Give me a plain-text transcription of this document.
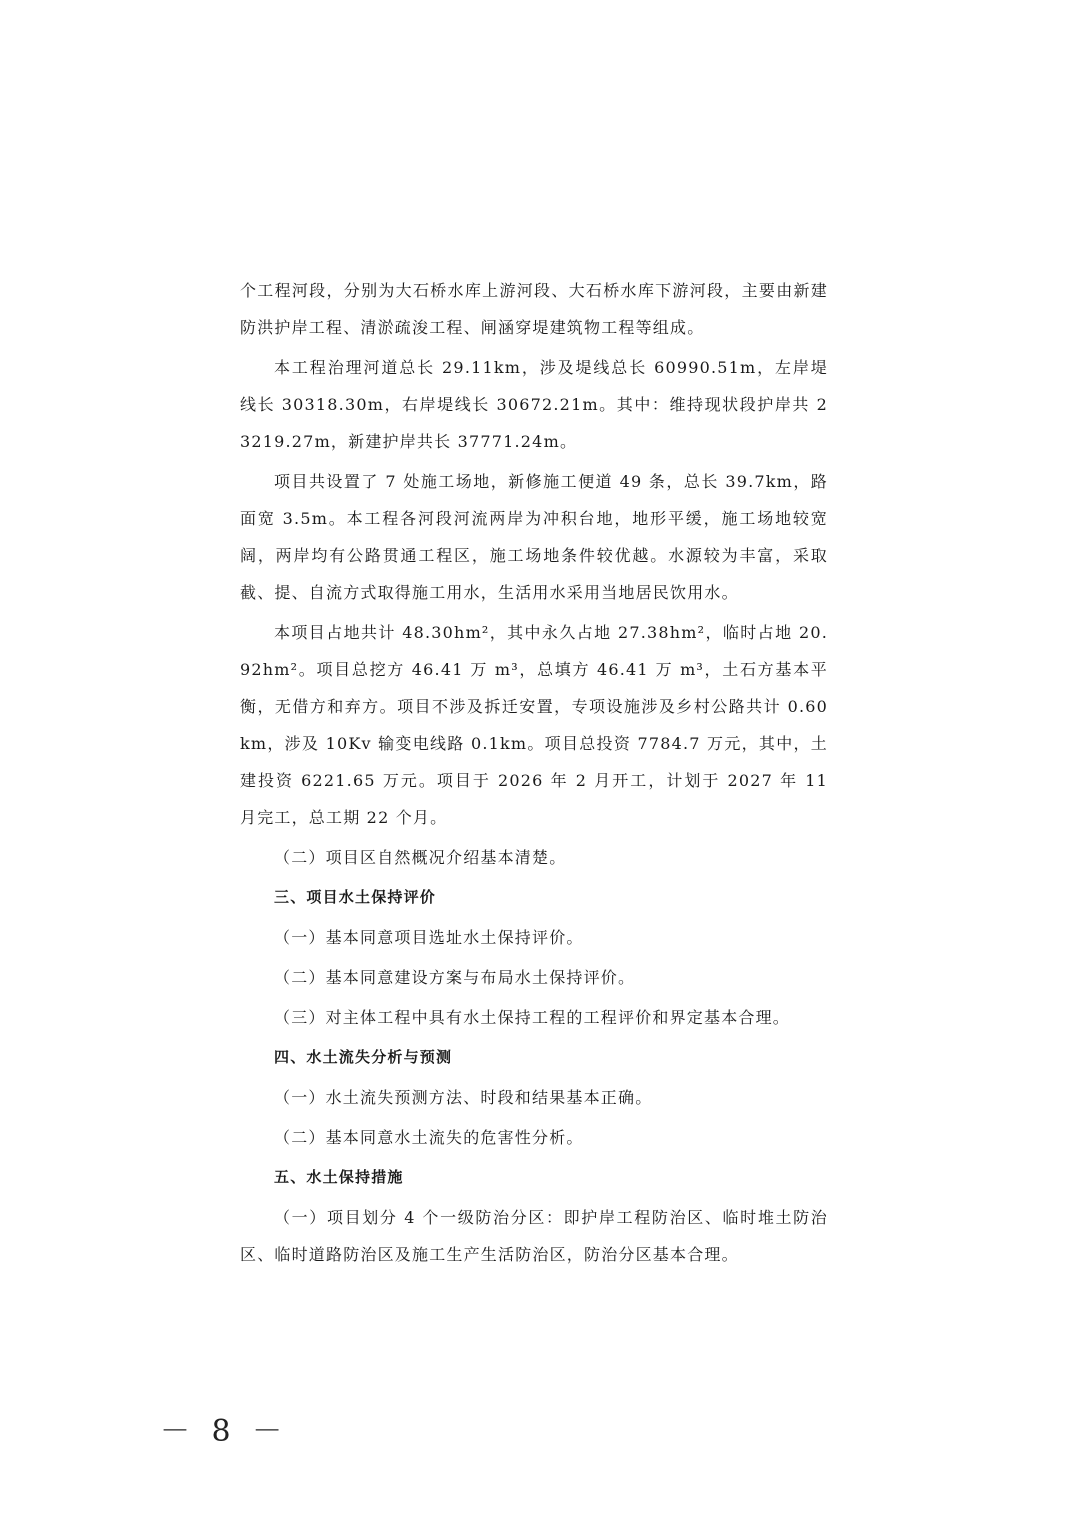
个工程河段，分别为大石桥水库上游河段、大石桥水库下游河段，主要由新建防洪护岸工程、清淤疏浚工程、闸涵穿堤建筑物工程等组成。

本工程治理河道总长 29.11km，涉及堤线总长 60990.51m，左岸堤线长 30318.30m，右岸堤线长 30672.21m。其中：维持现状段护岸共 23219.27m，新建护岸共长 37771.24m。

项目共设置了 7 处施工场地，新修施工便道 49 条，总长 39.7km，路面宽 3.5m。本工程各河段河流两岸为冲积台地，地形平缓，施工场地较宽阔，两岸均有公路贯通工程区，施工场地条件较优越。水源较为丰富，采取截、提、自流方式取得施工用水，生活用水采用当地居民饮用水。

本项目占地共计 48.30hm²，其中永久占地 27.38hm²，临时占地 20.92hm²。项目总挖方 46.41 万 m³，总填方 46.41 万 m³，土石方基本平衡，无借方和弃方。项目不涉及拆迁安置，专项设施涉及乡村公路共计 0.60km，涉及 10Kv 输变电线路 0.1km。项目总投资 7784.7 万元，其中，土建投资 6221.65 万元。项目于 2026 年 2 月开工，计划于 2027 年 11 月完工，总工期 22 个月。

（二）项目区自然概况介绍基本清楚。

三、项目水土保持评价

（一）基本同意项目选址水土保持评价。

（二）基本同意建设方案与布局水土保持评价。

（三）对主体工程中具有水土保持工程的工程评价和界定基本合理。

四、水土流失分析与预测

（一）水土流失预测方法、时段和结果基本正确。

（二）基本同意水土流失的危害性分析。

五、水土保持措施

（一）项目划分 4 个一级防治分区：即护岸工程防治区、临时堆土防治区、临时道路防治区及施工生产生活防治区，防治分区基本合理。

－ 8 －
